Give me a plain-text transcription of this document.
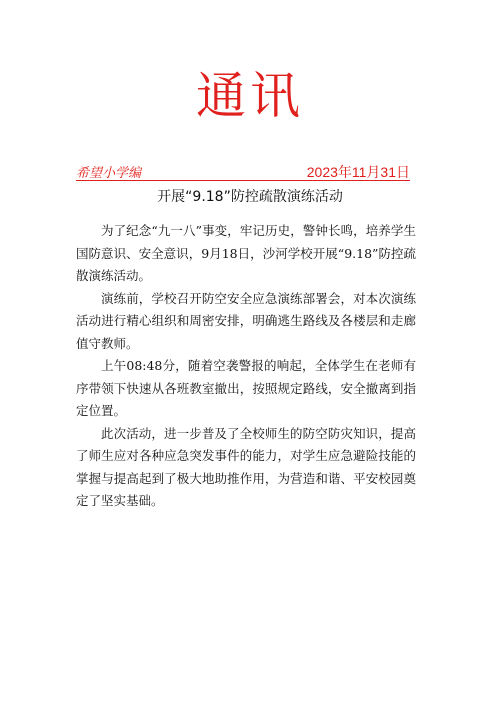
通讯
希望小学编	2023年11月31日
开展“9.18”防控疏散演练活动

为了纪念“九一八”事变，牢记历史，警钟长鸣，培养学生国防意识、安全意识，9月18日，沙河学校开展“9.18”防控疏散演练活动。

演练前，学校召开防空安全应急演练部署会，对本次演练活动进行精心组织和周密安排，明确逃生路线及各楼层和走廊值守教师。

上午08:48分，随着空袭警报的响起，全体学生在老师有序带领下快速从各班教室撤出，按照规定路线，安全撤离到指定位置。

此次活动，进一步普及了全校师生的防空防灾知识，提高了师生应对各种应急突发事件的能力，对学生应急避险技能的掌握与提高起到了极大地助推作用，为营造和谐、平安校园奠定了坚实基础。
